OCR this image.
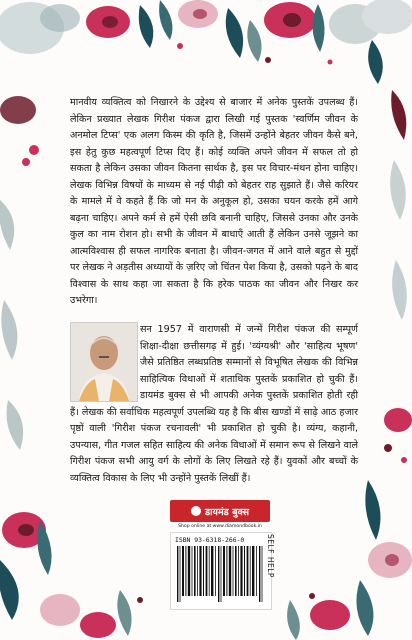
मानवीय व्यक्तित्व को निखारने के उद्देश्य से बाजार में अनेक पुस्तकें उपलब्ध हैं। लेकिन प्रख्यात लेखक गिरीश पंकज द्वारा लिखी गई पुस्तक 'स्वर्णिम जीवन के अनमोल टिप्स' एक अलग किस्म की कृति है, जिसमें उन्होंने बेहतर जीवन कैसे बने, इस हेतु कुछ महत्वपूर्ण टिप्स दिए हैं। कोई व्यक्ति अपने जीवन में सफल तो हो सकता है लेकिन उसका जीवन कितना सार्थक है, इस पर विचार-मंथन होना चाहिए। लेखक विभिन्न विषयों के माध्यम से नई पीढ़ी को बेहतर राह सुझाते हैं। जैसे करियर के मामले में वे कहते हैं कि जो मन के अनुकूल हो, उसका चयन करके हमें आगे बढ़ना चाहिए। अपने कर्म से हमें ऐसी छवि बनानी चाहिए, जिससे उनका और उनके कुल का नाम रोशन हो। सभी के जीवन में बाधाएँ आती हैं लेकिन उनसे जूझने का आत्मविश्वास ही सफल नागरिक बनाता है। जीवन-जगत में आने वाले बहुत से मुद्दों पर लेखक ने अड़तीस अध्यायों के ज़रिए जो चिंतन पेश किया है, उसको पढ़ने के बाद विश्वास के साथ कहा जा सकता है कि हरेक पाठक का जीवन और निखर कर उभरेगा।

सन 1957 में वाराणसी में जन्में गिरीश पंकज की सम्पूर्ण शिक्षा-दीक्षा छत्तीसगढ़ में हुई। 'व्यंग्यश्री' और 'साहित्य भूषण' जैसे प्रतिष्ठित लब्धप्रतिष्ठ सम्मानों से विभूषित लेखक की विभिन्न साहित्यिक विधाओं में शताधिक पुस्तकें प्रकाशित हो चुकी हैं। डायमंड बुक्स से भी आपकी अनेक पुस्तकें प्रकाशित होती रही हैं। लेखक की सर्वाधिक महत्वपूर्ण उपलब्धि यह है कि बीस खण्डों में साढ़े आठ हजार पृष्ठों वाली 'गिरीश पंकज रचनावली' भी प्रकाशित हो चुकी है। व्यंग्य, कहानी, उपन्यास, गीत गजल सहित साहित्य की अनेक विधाओं में समान रूप से लिखने वाले गिरीश पंकज सभी आयु वर्ग के लोगों के लिए लिखते रहे हैं। युवकों और बच्चों के व्यक्तित्व विकास के लिए भी उन्होंने पुस्तकें लिखीं हैं।

डायमंड बुक्स
Shop online at www.diamondbook.in
ISBN 93-6318-266-0	SELF HELP
